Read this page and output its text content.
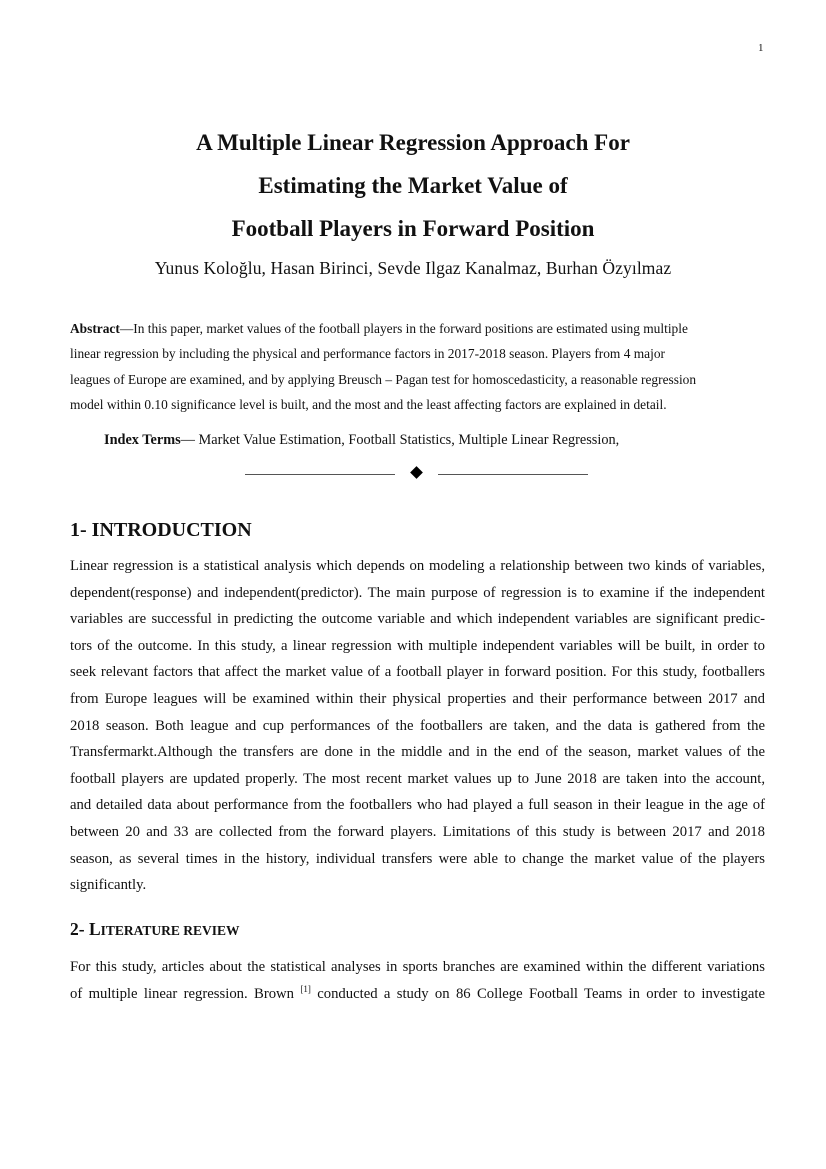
1
A Multiple Linear Regression Approach For
Estimating the Market Value of
Football Players in Forward Position
Yunus Koloğlu, Hasan Birinci, Sevde Ilgaz Kanalmaz, Burhan Özyılmaz
Abstract—In this paper, market values of the football players in the forward positions are estimated using multiple
linear regression by including the physical and performance factors in 2017-2018 season. Players from 4 major
leagues of Europe are examined, and by applying Breusch – Pagan test for homoscedasticity, a reasonable regression
model within 0.10 significance level is built, and the most and the least affecting factors are explained in detail.
Index Terms— Market Value Estimation, Football Statistics, Multiple Linear Regression,
1- INTRODUCTION
Linear regression is a statistical analysis which depends on modeling a relationship between two kinds of variables,
dependent(response) and independent(predictor). The main purpose of regression is to examine if the independent
variables are successful in predicting the outcome variable and which independent variables are significant predic-
tors of the outcome. In this study, a linear regression with multiple independent variables will be built, in order to
seek relevant factors that affect the market value of a football player in forward position. For this study, footballers
from Europe leagues will be examined within their physical properties and their performance between 2017 and
2018 season. Both league and cup performances of the footballers are taken, and the data is gathered from the
Transfermarkt.Although the transfers are done in the middle and in the end of the season, market values of the
football players are updated properly. The most recent market values up to June 2018 are taken into the account,
and detailed data about performance from the footballers who had played a full season in their league in the age of
between 20 and 33 are collected from the forward players. Limitations of this study is between 2017 and 2018
season, as several times in the history, individual transfers were able to change the market value of the players
significantly.
2- LITERATURE REVIEW
For this study, articles about the statistical analyses in sports branches are examined within the different variations
of multiple linear regression. Brown [1] conducted a study on 86 College Football Teams in order to investigate
